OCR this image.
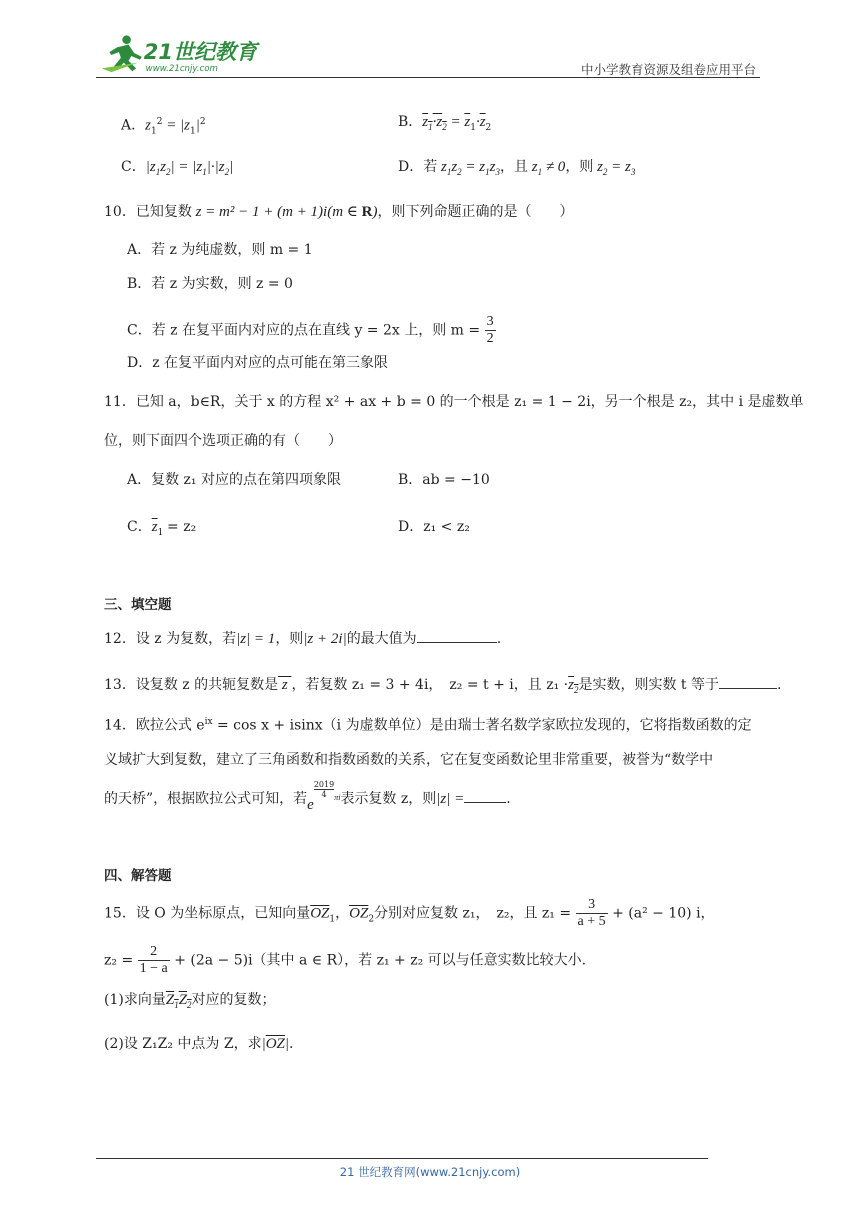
21世纪教育
www.21cnjy.com	中小学教育资源及组卷应用平台
A．$z_1^2 = |z_1|^2$	B．$z_1\cdot z_2 = \overline{z}_1\cdot\overline{z}_2$
C．$|z_1z_2| = |z_1|\cdot|z_2|$	D．若 $z_1z_2 = z_1z_3$，且 $z_1 \ne 0$，则 $z_2 = z_3$
10．已知复数 z = m² − 1 + (m + 1)i(m ∈ R)，则下列命题正确的是（　　）
A．若 z 为纯虚数，则 m = 1
B．若 z 为实数，则 z = 0
C．若 z 在复平面内对应的点在直线 y = 2x 上，则 $m = \frac{3}{2}$
D．z 在复平面内对应的点可能在第三象限
11．已知 a，b∈R，关于 x 的方程 x² + ax + b = 0 的一个根是 z₁ = 1 − 2i，另一个根是 z₂，其中 i 是虚数单
位，则下面四个选项正确的有（　　）
A．复数 z₁ 对应的点在第四项象限	B．ab = −10
C．$\overline{z}_1 = z_2$	D．z₁ < z₂
三、填空题
12．设 z 为复数，若|z| = 1，则|z + 2i|的最大值为	.
13．设复数 z 的共轭复数是 z ，若复数 z₁ = 3 + 4i，　z₂ = t + i，且 $z_1 \cdot z_2$是实数，则实数 t 等于	.
14．欧拉公式 $e^{ix} = \cos x + isinx(i$ 为虚数单位）是由瑞士著名数学家欧拉发现的，它将指数函数的定
义域扩大到复数，建立了三角函数和指数函数的关系，它在复变函数论里非常重要，被誉为“数学中
的天桥”，根据欧拉公式可知，若e
$\frac{2019}{4} ^{\pi i}$表示复数 z，则|z| =	.
四、解答题
15．设 O 为坐标原点，已知向量$\overline{OZ}_1$，$\overline{OZ}_2$分别对应复数 z₁，　z₂，且 $z_1 = \frac{3}{a + 5} + (a^2 - 10)$ i，
$z_2 = \frac{2}{1 - a} + (2a - 5)i$（其中 a ∈ R），若 z₁ + z₂ 可以与任意实数比较大小.
(1)求向量$Z_1Z_2$对应的复数；
(2)设 Z₁Z₂ 中点为 Z，求$|\overline{OZ}|$.
21 世纪教育网(www.21cnjy.com)
